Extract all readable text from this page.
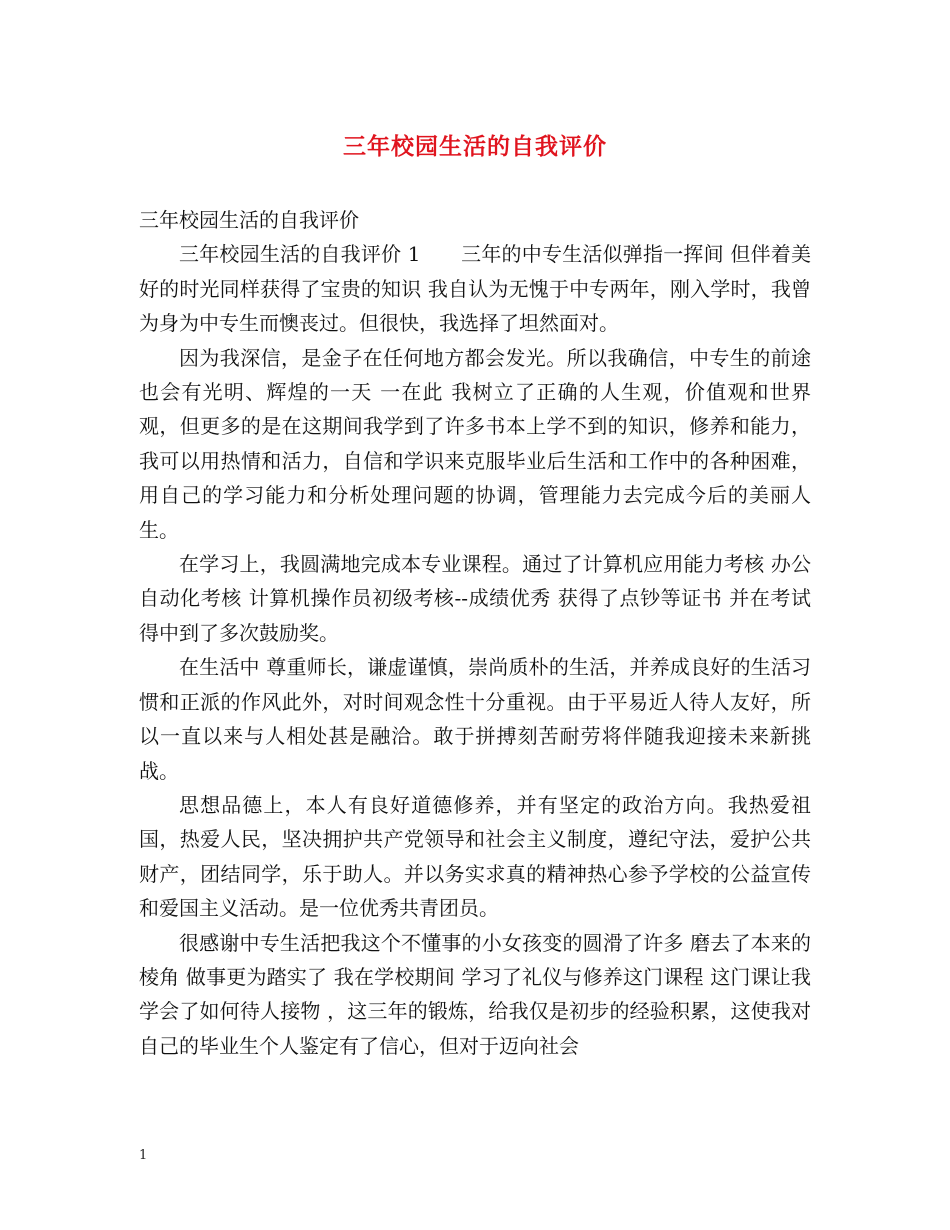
三年校园生活的自我评价

三年校园生活的自我评价

三年校园生活的自我评价 1　　三年的中专生活似弹指一挥间 但伴着美好的时光同样获得了宝贵的知识 我自认为无愧于中专两年，刚入学时，我曾为身为中专生而懊丧过。但很快，我选择了坦然面对。

因为我深信，是金子在任何地方都会发光。所以我确信，中专生的前途也会有光明、辉煌的一天 一在此 我树立了正确的人生观，价值观和世界观，但更多的是在这期间我学到了许多书本上学不到的知识，修养和能力，我可以用热情和活力，自信和学识来克服毕业后生活和工作中的各种困难，用自己的学习能力和分析处理问题的协调，管理能力去完成今后的美丽人生。

在学习上，我圆满地完成本专业课程。通过了计算机应用能力考核 办公自动化考核 计算机操作员初级考核--成绩优秀 获得了点钞等证书 并在考试得中到了多次鼓励奖。

在生活中 尊重师长，谦虚谨慎，崇尚质朴的生活，并养成良好的生活习惯和正派的作风此外，对时间观念性十分重视。由于平易近人待人友好，所以一直以来与人相处甚是融洽。敢于拼搏刻苦耐劳将伴随我迎接未来新挑战。

思想品德上，本人有良好道德修养，并有坚定的政治方向。我热爱祖国，热爱人民，坚决拥护共产党领导和社会主义制度，遵纪守法，爱护公共财产，团结同学，乐于助人。并以务实求真的精神热心参予学校的公益宣传和爱国主义活动。是一位优秀共青团员。

很感谢中专生活把我这个不懂事的小女孩变的圆滑了许多 磨去了本来的棱角 做事更为踏实了 我在学校期间 学习了礼仪与修养这门课程 这门课让我学会了如何待人接物 ，这三年的锻炼，给我仅是初步的经验积累，这使我对自己的毕业生个人鉴定有了信心，但对于迈向社会

1
